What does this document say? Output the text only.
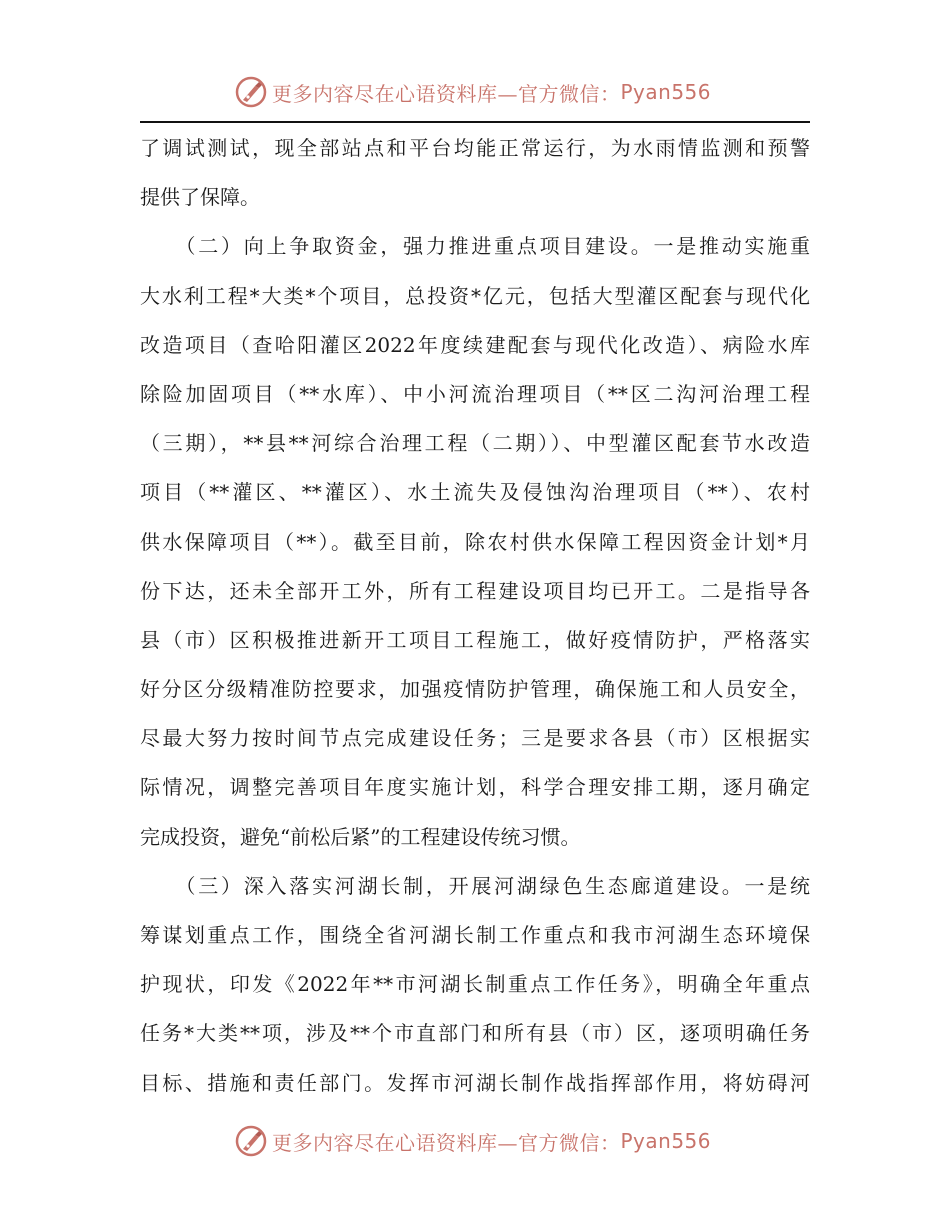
更多内容尽在心语资料库—官方微信： Pyan556
了调试测试，现全部站点和平台均能正常运行，为水雨情监测和预警
提供了保障。
　　（二）向上争取资金，强力推进重点项目建设。一是推动实施重
大水利工程*大类*个项目，总投资*亿元，包括大型灌区配套与现代化
改造项目（查哈阳灌区2022年度续建配套与现代化改造）、病险水库
除险加固项目（**水库）、中小河流治理项目（**区二沟河治理工程
（三期），**县**河综合治理工程（二期））、中型灌区配套节水改造
项目（**灌区、**灌区）、水土流失及侵蚀沟治理项目（**）、农村
供水保障项目（**）。截至目前，除农村供水保障工程因资金计划*月
份下达，还未全部开工外，所有工程建设项目均已开工。二是指导各
县（市）区积极推进新开工项目工程施工，做好疫情防护，严格落实
好分区分级精准防控要求，加强疫情防护管理，确保施工和人员安全，
尽最大努力按时间节点完成建设任务；三是要求各县（市）区根据实
际情况，调整完善项目年度实施计划，科学合理安排工期，逐月确定
完成投资，避免“前松后紧”的工程建设传统习惯。
　　（三）深入落实河湖长制，开展河湖绿色生态廊道建设。一是统
筹谋划重点工作，围绕全省河湖长制工作重点和我市河湖生态环境保
护现状，印发《2022年**市河湖长制重点工作任务》，明确全年重点
任务*大类**项，涉及**个市直部门和所有县（市）区，逐项明确任务
目标、措施和责任部门。发挥市河湖长制作战指挥部作用，将妨碍河
更多内容尽在心语资料库—官方微信： Pyan556
